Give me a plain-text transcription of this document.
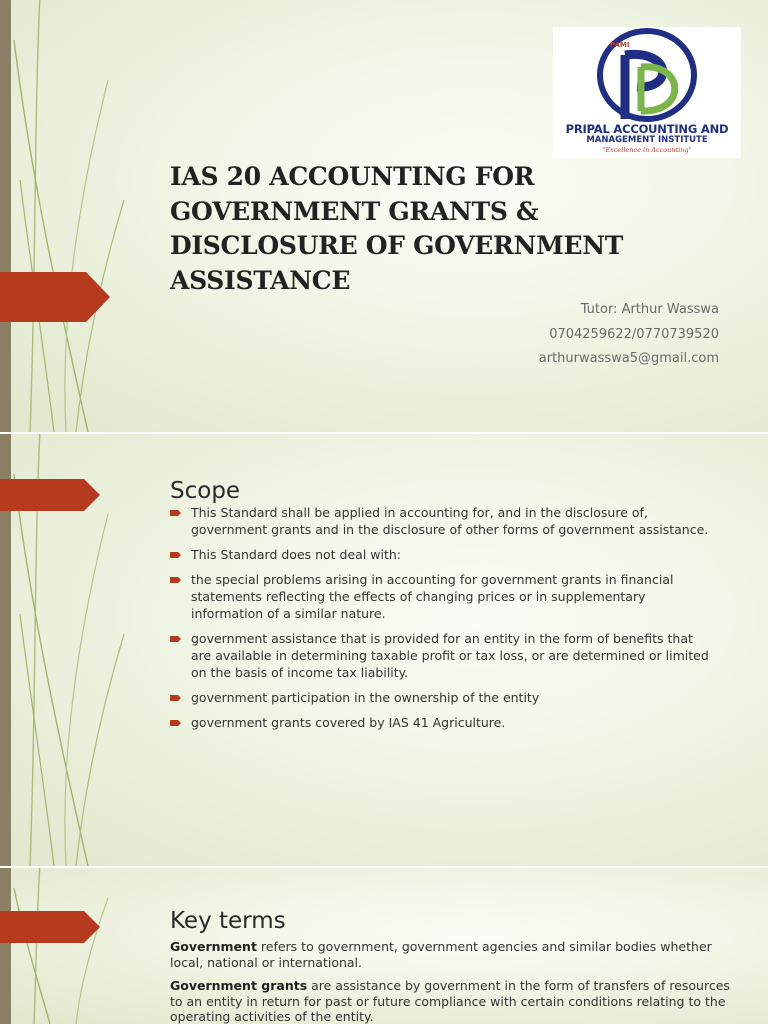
PAMI
PRIPAL ACCOUNTING AND
MANAGEMENT INSTITUTE
"Excellence in Accounting"
IAS 20 ACCOUNTING FOR
GOVERNMENT GRANTS &
DISCLOSURE OF GOVERNMENT
ASSISTANCE
Tutor: Arthur Wasswa
0704259622/0770739520
arthurwasswa5@gmail.com
Scope
This Standard shall be applied in accounting for, and in the disclosure of, government grants and in the disclosure of other forms of government assistance.
This Standard does not deal with:
the special problems arising in accounting for government grants in financial statements reflecting the effects of changing prices or in supplementary information of a similar nature.
government assistance that is provided for an entity in the form of benefits that are available in determining taxable profit or tax loss, or are determined or limited on the basis of income tax liability.
government participation in the ownership of the entity
government grants covered by IAS 41 Agriculture.
Key terms

Government refers to government, government agencies and similar bodies whether local, national or international.

Government grants are assistance by government in the form of transfers of resources to an entity in return for past or future compliance with certain conditions relating to the operating activities of the entity.
